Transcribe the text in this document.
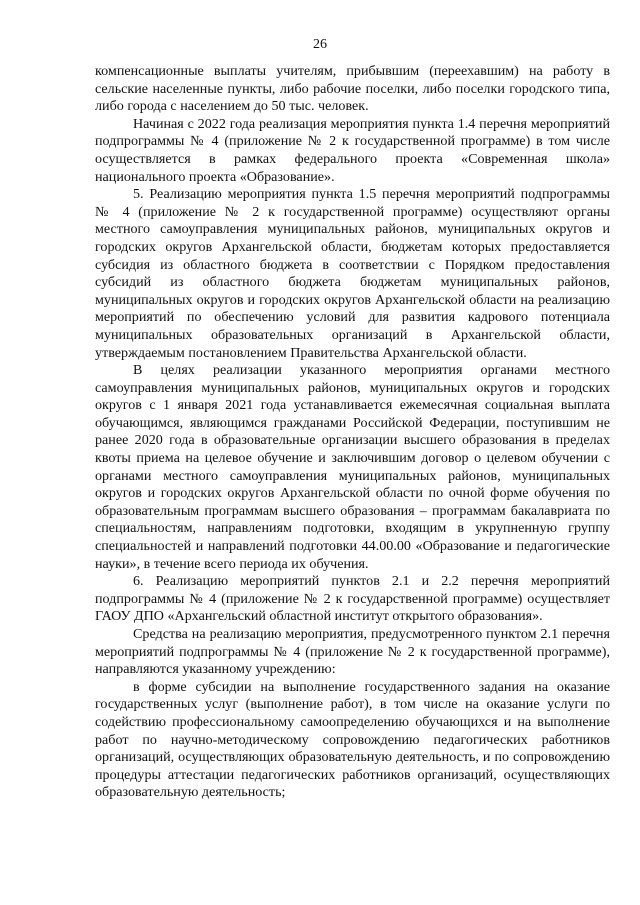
26

компенсационные выплаты учителям, прибывшим (переехавшим) на работу в сельские населенные пункты, либо рабочие поселки, либо поселки городского типа, либо города с населением до 50 тыс. человек.

Начиная с 2022 года реализация мероприятия пункта 1.4 перечня мероприятий подпрограммы № 4 (приложение № 2 к государственной программе) в том числе осуществляется в рамках федерального проекта «Современная школа» национального проекта «Образование».

5. Реализацию мероприятия пункта 1.5 перечня мероприятий подпрограммы № 4 (приложение № 2 к государственной программе) осуществляют органы местного самоуправления муниципальных районов, муниципальных округов и городских округов Архангельской области, бюджетам которых предоставляется субсидия из областного бюджета в соответствии с Порядком предоставления субсидий из областного бюджета бюджетам муниципальных районов, муниципальных округов и городских округов Архангельской области на реализацию мероприятий по обеспечению условий для развития кадрового потенциала муниципальных образовательных организаций в Архангельской области, утверждаемым постановлением Правительства Архангельской области.

В целях реализации указанного мероприятия органами местного самоуправления муниципальных районов, муниципальных округов и городских округов с 1 января 2021 года устанавливается ежемесячная социальная выплата обучающимся, являющимся гражданами Российской Федерации, поступившим не ранее 2020 года в образовательные организации высшего образования в пределах квоты приема на целевое обучение и заключившим договор о целевом обучении с органами местного самоуправления муниципальных районов, муниципальных округов и городских округов Архангельской области по очной форме обучения по образовательным программам высшего образования – программам бакалавриата по специальностям, направлениям подготовки, входящим в укрупненную группу специальностей и направлений подготовки 44.00.00 «Образование и педагогические науки», в течение всего периода их обучения.

6. Реализацию мероприятий пунктов 2.1 и 2.2 перечня мероприятий подпрограммы № 4 (приложение № 2 к государственной программе) осуществляет ГАОУ ДПО «Архангельский областной институт открытого образования».

Средства на реализацию мероприятия, предусмотренного пунктом 2.1 перечня мероприятий подпрограммы № 4 (приложение № 2 к государственной программе), направляются указанному учреждению:

в форме субсидии на выполнение государственного задания на оказание государственных услуг (выполнение работ), в том числе на оказание услуги по содействию профессиональному самоопределению обучающихся и на выполнение работ по научно-методическому сопровождению педагогических работников организаций, осуществляющих образовательную деятельность, и по сопровождению процедуры аттестации педагогических работников организаций, осуществляющих образовательную деятельность;
